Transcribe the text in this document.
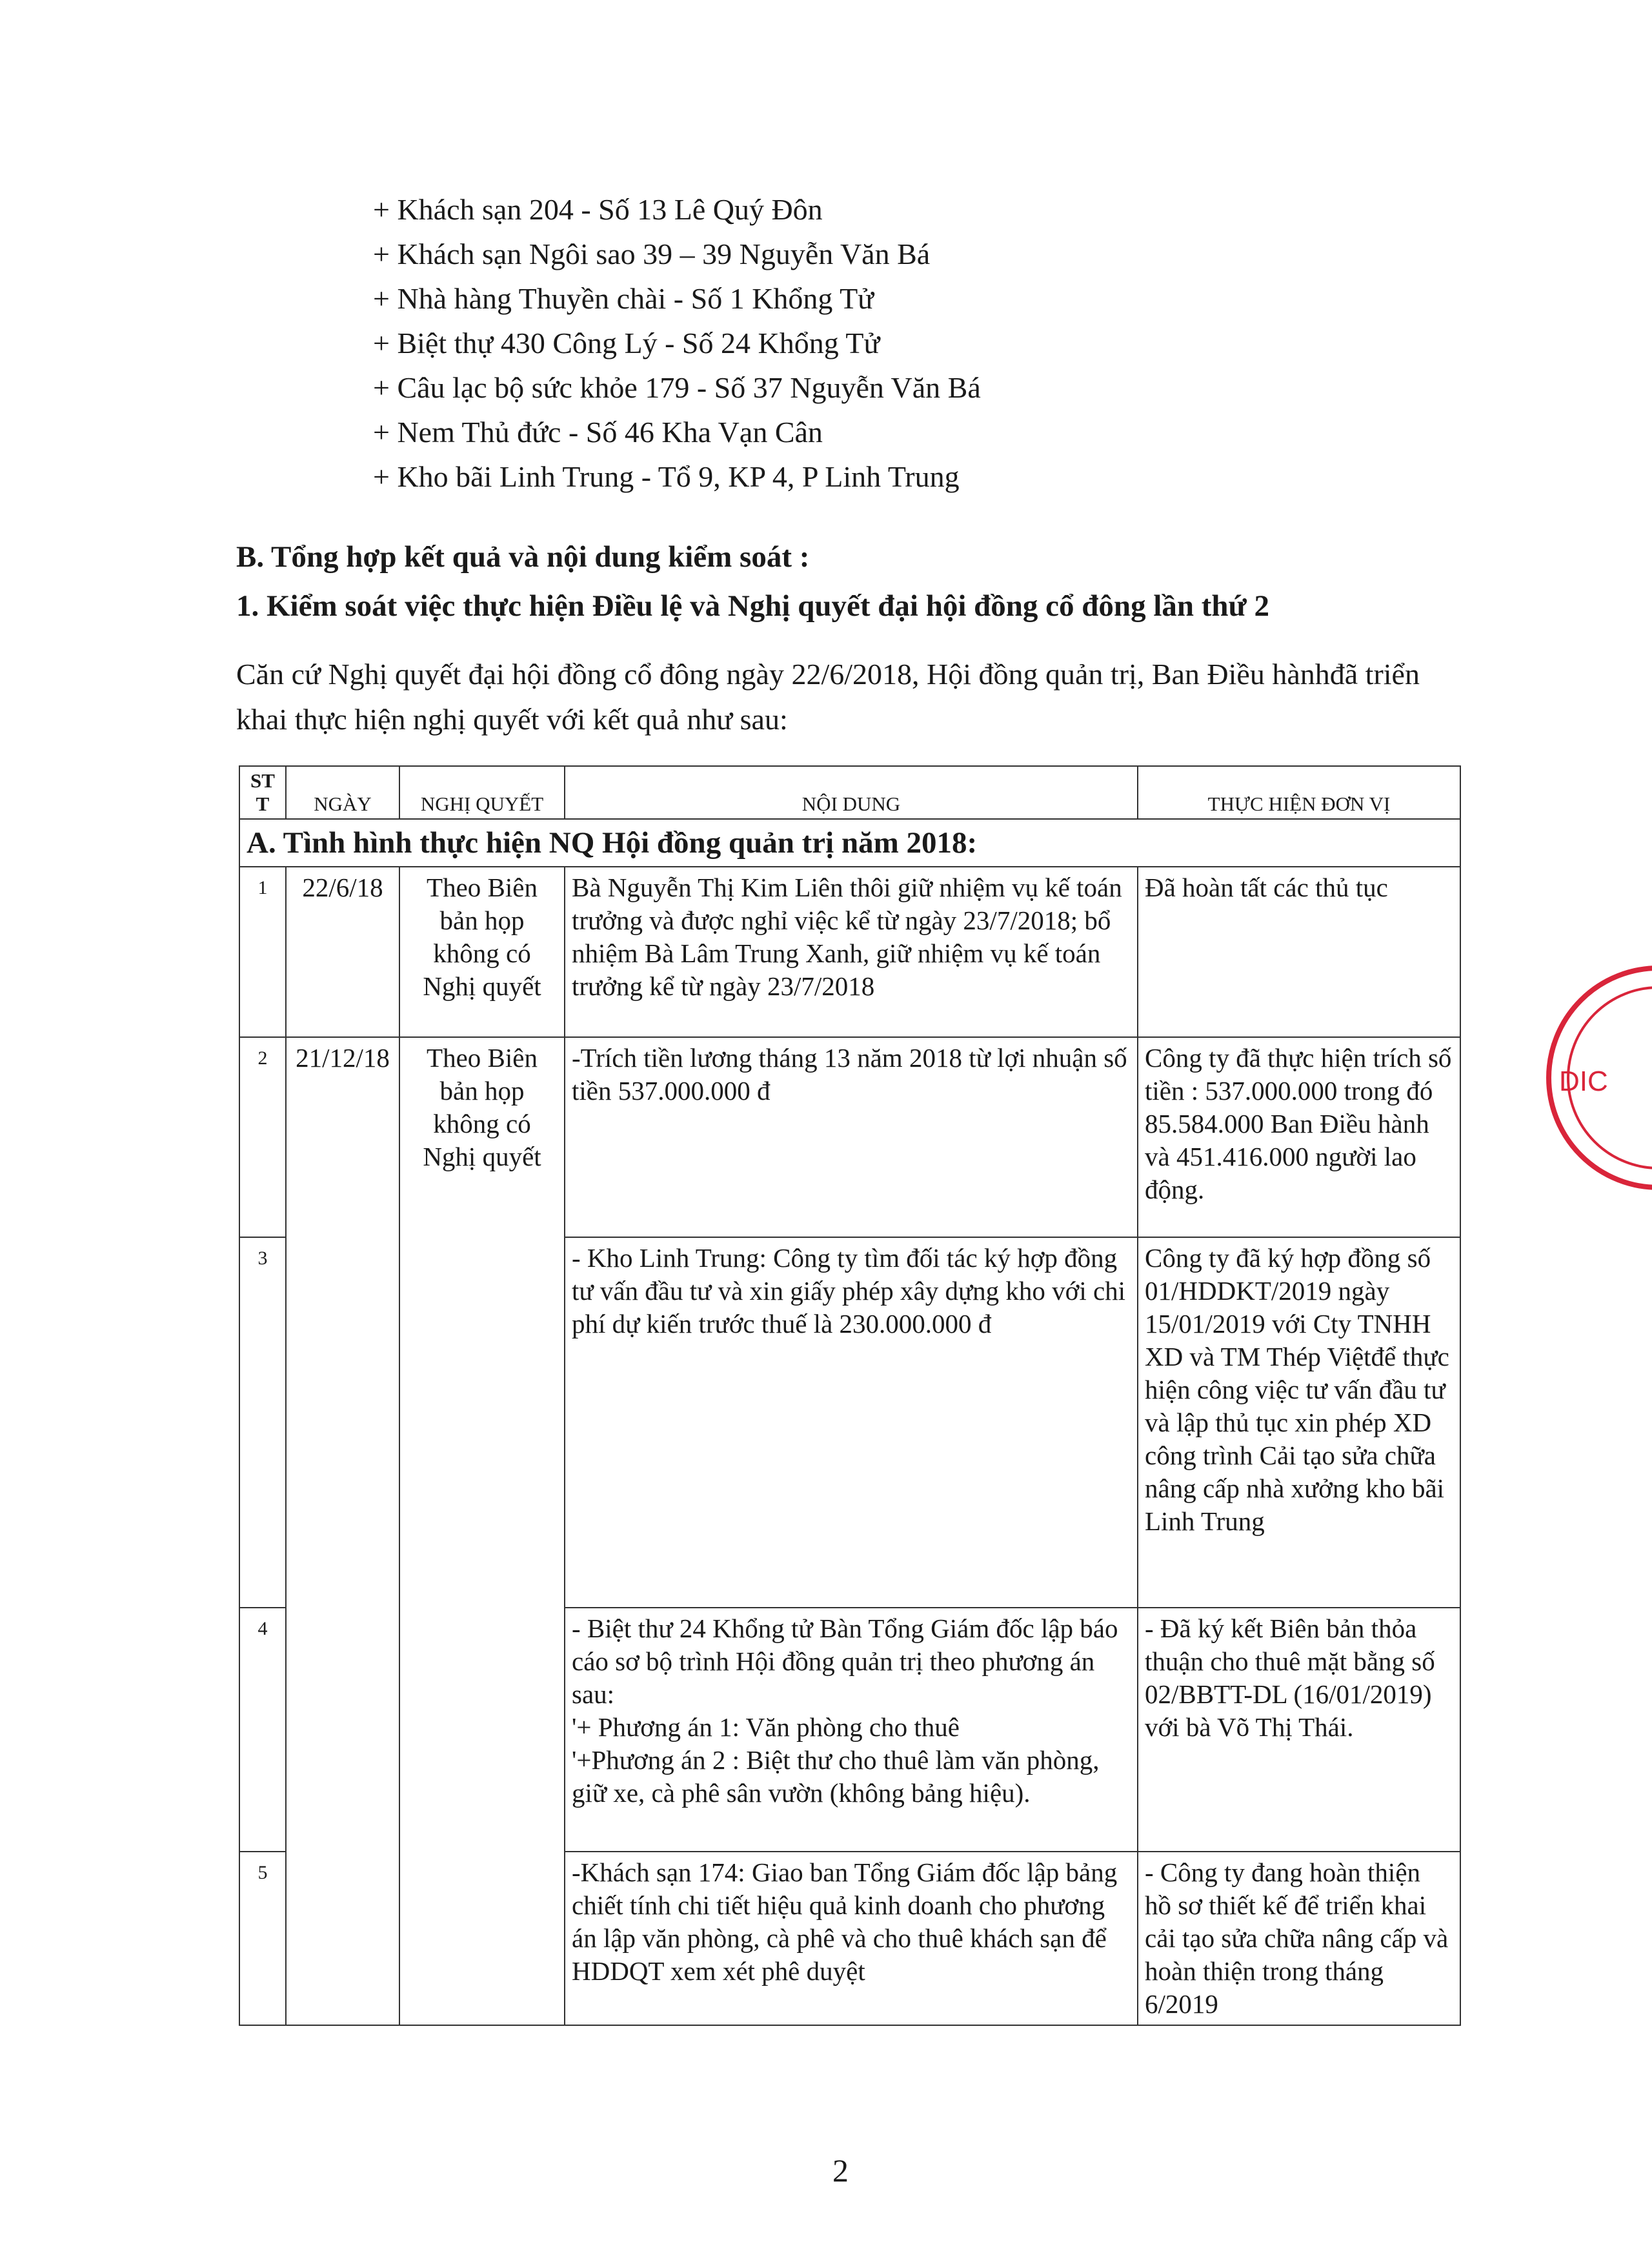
+ Khách sạn 204 - Số 13 Lê Quý Đôn
+ Khách sạn Ngôi sao 39 – 39 Nguyễn Văn Bá
+ Nhà hàng Thuyền chài - Số 1 Khổng Tử
+ Biệt thự 430 Công Lý - Số 24 Khổng Tử
+ Câu lạc bộ sức khỏe 179 - Số 37 Nguyễn Văn Bá
+ Nem Thủ đức - Số 46 Kha Vạn Cân
+ Kho bãi Linh Trung - Tổ 9, KP 4, P Linh Trung
B. Tổng hợp kết quả và nội dung kiểm soát :
1. Kiểm soát việc thực hiện Điều lệ và Nghị quyết đại hội đồng cổ đông lần thứ 2
Căn cứ Nghị quyết đại hội đồng cổ đông ngày 22/6/2018, Hội đồng quản trị, Ban Điều hànhđã triển khai thực hiện nghị quyết với kết quả như sau:
ST T	NGÀY	NGHỊ QUYẾT	NỘI DUNG	THỰC HIỆN ĐƠN VỊ
A. Tình hình thực hiện NQ Hội đồng quản trị năm 2018:				
1	22/6/18	Theo Biên bản họp không có Nghị quyết	Bà Nguyễn Thị Kim Liên thôi giữ nhiệm vụ kế toán trưởng và được nghỉ việc kể từ ngày 23/7/2018; bổ nhiệm Bà Lâm Trung Xanh, giữ nhiệm vụ kế toán trưởng kể từ ngày 23/7/2018	Đã hoàn tất các thủ tục
2	21/12/18	Theo Biên bản họp không có Nghị quyết	-Trích tiền lương tháng 13 năm 2018 từ lợi nhuận số tiền 537.000.000 đ	Công ty đã thực hiện trích số tiền : 537.000.000 trong đó 85.584.000 Ban Điều hành và 451.416.000 người lao động.
3			- Kho Linh Trung: Công ty tìm đối tác ký hợp đồng tư vấn đầu tư và xin giấy phép xây dựng kho với chi phí dự kiến trước thuế là 230.000.000 đ	Công ty đã ký hợp đồng số 01/HDDKT/2019 ngày 15/01/2019 với Cty TNHH XD và TM Thép Việtđể thực hiện công việc tư vấn đầu tư và lập thủ tục xin phép XD công trình Cải tạo sửa chữa nâng cấp nhà xưởng kho bãi Linh Trung
4			- Biệt thư 24 Khổng tử Bàn Tổng Giám đốc lập báo cáo sơ bộ trình Hội đồng quản trị theo phương án sau:
'+ Phương án 1: Văn phòng cho thuê
'+Phương án 2 : Biệt thư cho thuê làm văn phòng, giữ xe, cà phê sân vườn (không bảng hiệu).	- Đã ký kết Biên bản thỏa thuận cho thuê mặt bằng số 02/BBTT-DL (16/01/2019) với bà Võ Thị Thái.
5			-Khách sạn 174: Giao ban Tổng Giám đốc lập bảng chiết tính chi tiết hiệu quả kinh doanh cho phương án lập văn phòng, cà phê và cho thuê khách sạn để HDDQT xem xét phê duyệt	- Công ty đang hoàn thiện hồ sơ thiết kế để triển khai cải tạo sửa chữa nâng cấp và hoàn thiện trong tháng 6/2019
2
DIC
